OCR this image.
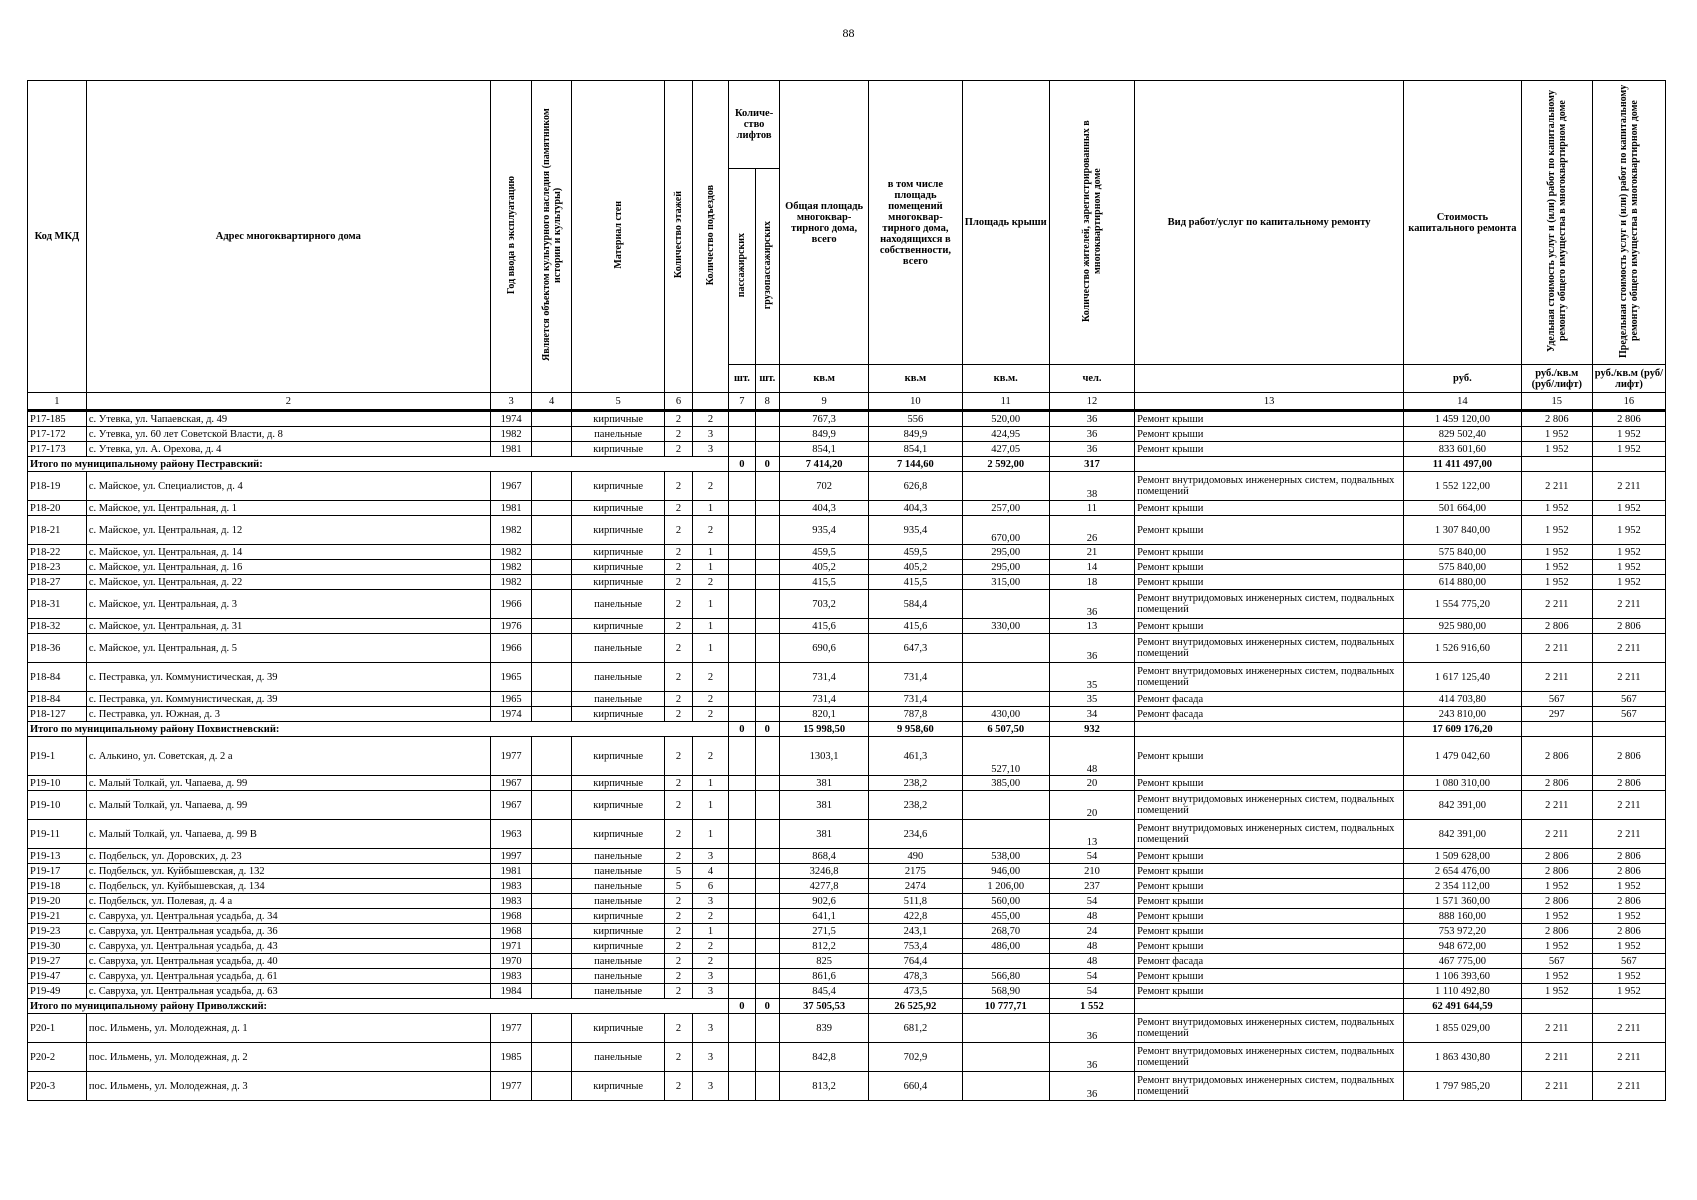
88
Код МКД	Адрес многоквартирного дома	Год ввода в эксплуатацию	Является объектом культурного наследия (памятником истории и культуры)	Материал стен	Количество этажей	Количество подъездов	Количе-ство лифтов		Общая площадь многоквар-тирного дома, всего	в том числе площадь помещений многоквар-тирного дома, находящихся в собственности, всего	Площадь крыши	Количество жителей, зарегистрированных в многоквартирном доме	Вид работ/услуг по капитальному ремонту	Стоимость капитального ремонта	Удельная стоимость услуг и (или) работ по капитальному ремонту общего имущества в многоквартирном доме	Предельная стоимость услуг и (или) работ по капитальному ремонту общего имущества в многоквартирном доме
							пассажирских	грузопассажирских								
							шт.	шт.	кв.м	кв.м	кв.м.	чел.		руб.	руб./кв.м (руб/лифт)	руб./кв.м (руб/лифт)
1	2	3	4	5	6		7	8	9	10	11	12	13	14	15	16
Р17-185	с. Утевка, ул. Чапаевская, д. 49	1974		кирпичные	2	2			767,3	556	520,00	36	Ремонт крыши	1 459 120,00	2 806	2 806
Р17-172	с. Утевка, ул. 60 лет Советской Власти, д. 8	1982		панельные	2	3			849,9	849,9	424,95	36	Ремонт крыши	829 502,40	1 952	1 952
Р17-173	с. Утевка, ул. А. Орехова, д. 4	1981		кирпичные	2	3			854,1	854,1	427,05	36	Ремонт крыши	833 601,60	1 952	1 952
Итого по муниципальному району Пестравский:							0	0	7 414,20	7 144,60	2 592,00	317		11 411 497,00		
Р18-19	с. Майское, ул. Специалистов, д. 4	1967		кирпичные	2	2			702	626,8		38	Ремонт внутридомовых инженерных систем, подвальных помещений	1 552 122,00	2 211	2 211
Р18-20	с. Майское, ул. Центральная, д. 1	1981		кирпичные	2	1			404,3	404,3	257,00	11	Ремонт крыши	501 664,00	1 952	1 952
Р18-21	с. Майское, ул. Центральная, д. 12	1982		кирпичные	2	2			935,4	935,4	670,00	26	Ремонт крыши	1 307 840,00	1 952	1 952
Р18-22	с. Майское, ул. Центральная, д. 14	1982		кирпичные	2	1			459,5	459,5	295,00	21	Ремонт крыши	575 840,00	1 952	1 952
Р18-23	с. Майское, ул. Центральная, д. 16	1982		кирпичные	2	1			405,2	405,2	295,00	14	Ремонт крыши	575 840,00	1 952	1 952
Р18-27	с. Майское, ул. Центральная, д. 22	1982		кирпичные	2	2			415,5	415,5	315,00	18	Ремонт крыши	614 880,00	1 952	1 952
Р18-31	с. Майское, ул. Центральная, д. 3	1966		панельные	2	1			703,2	584,4		36	Ремонт внутридомовых инженерных систем, подвальных помещений	1 554 775,20	2 211	2 211
Р18-32	с. Майское, ул. Центральная, д. 31	1976		кирпичные	2	1			415,6	415,6	330,00	13	Ремонт крыши	925 980,00	2 806	2 806
Р18-36	с. Майское, ул. Центральная, д. 5	1966		панельные	2	1			690,6	647,3		36	Ремонт внутридомовых инженерных систем, подвальных помещений	1 526 916,60	2 211	2 211
Р18-84	с. Пестравка, ул. Коммунистическая, д. 39	1965		панельные	2	2			731,4	731,4		35	Ремонт внутридомовых инженерных систем, подвальных помещений	1 617 125,40	2 211	2 211
Р18-84	с. Пестравка, ул. Коммунистическая, д. 39	1965		панельные	2	2			731,4	731,4		35	Ремонт фасада	414 703,80	567	567
Р18-127	с. Пестравка, ул. Южная, д. 3	1974		кирпичные	2	2			820,1	787,8	430,00	34	Ремонт фасада	243 810,00	297	567
Итого по муниципальному району Похвистневский:							0	0	15 998,50	9 958,60	6 507,50	932		17 609 176,20		
Р19-1	с. Алькино, ул. Советская, д. 2 а	1977		кирпичные	2	2			1303,1	461,3	527,10	48	Ремонт крыши	1 479 042,60	2 806	2 806
Р19-10	с. Малый Толкай, ул. Чапаева, д. 99	1967		кирпичные	2	1			381	238,2	385,00	20	Ремонт крыши	1 080 310,00	2 806	2 806
Р19-10	с. Малый Толкай, ул. Чапаева, д. 99	1967		кирпичные	2	1			381	238,2		20	Ремонт внутридомовых инженерных систем, подвальных помещений	842 391,00	2 211	2 211
Р19-11	с. Малый Толкай, ул. Чапаева, д. 99 В	1963		кирпичные	2	1			381	234,6		13	Ремонт внутридомовых инженерных систем, подвальных помещений	842 391,00	2 211	2 211
Р19-13	с. Подбельск, ул. Доровских, д. 23	1997		панельные	2	3			868,4	490	538,00	54	Ремонт крыши	1 509 628,00	2 806	2 806
Р19-17	с. Подбельск, ул. Куйбышевская, д. 132	1981		панельные	5	4			3246,8	2175	946,00	210	Ремонт крыши	2 654 476,00	2 806	2 806
Р19-18	с. Подбельск, ул. Куйбышевская, д. 134	1983		панельные	5	6			4277,8	2474	1 206,00	237	Ремонт крыши	2 354 112,00	1 952	1 952
Р19-20	с. Подбельск, ул. Полевая, д. 4 а	1983		панельные	2	3			902,6	511,8	560,00	54	Ремонт крыши	1 571 360,00	2 806	2 806
Р19-21	с. Савруха, ул. Центральная усадьба, д. 34	1968		кирпичные	2	2			641,1	422,8	455,00	48	Ремонт крыши	888 160,00	1 952	1 952
Р19-23	с. Савруха, ул. Центральная усадьба, д. 36	1968		кирпичные	2	1			271,5	243,1	268,70	24	Ремонт крыши	753 972,20	2 806	2 806
Р19-30	с. Савруха, ул. Центральная усадьба, д. 43	1971		кирпичные	2	2			812,2	753,4	486,00	48	Ремонт крыши	948 672,00	1 952	1 952
Р19-27	с. Савруха, ул. Центральная усадьба, д. 40	1970		панельные	2	2			825	764,4		48	Ремонт фасада	467 775,00	567	567
Р19-47	с. Савруха, ул. Центральная усадьба, д. 61	1983		панельные	2	3			861,6	478,3	566,80	54	Ремонт крыши	1 106 393,60	1 952	1 952
Р19-49	с. Савруха, ул. Центральная усадьба, д. 63	1984		панельные	2	3			845,4	473,5	568,90	54	Ремонт крыши	1 110 492,80	1 952	1 952
Итого по муниципальному району Приволжский:							0	0	37 505,53	26 525,92	10 777,71	1 552		62 491 644,59		
Р20-1	пос. Ильмень, ул. Молодежная, д. 1	1977		кирпичные	2	3			839	681,2		36	Ремонт внутридомовых инженерных систем, подвальных помещений	1 855 029,00	2 211	2 211
Р20-2	пос. Ильмень, ул. Молодежная, д. 2	1985		панельные	2	3			842,8	702,9		36	Ремонт внутридомовых инженерных систем, подвальных помещений	1 863 430,80	2 211	2 211
Р20-3	пос. Ильмень, ул. Молодежная, д. 3	1977		кирпичные	2	3			813,2	660,4		36	Ремонт внутридомовых инженерных систем, подвальных помещений	1 797 985,20	2 211	2 211
